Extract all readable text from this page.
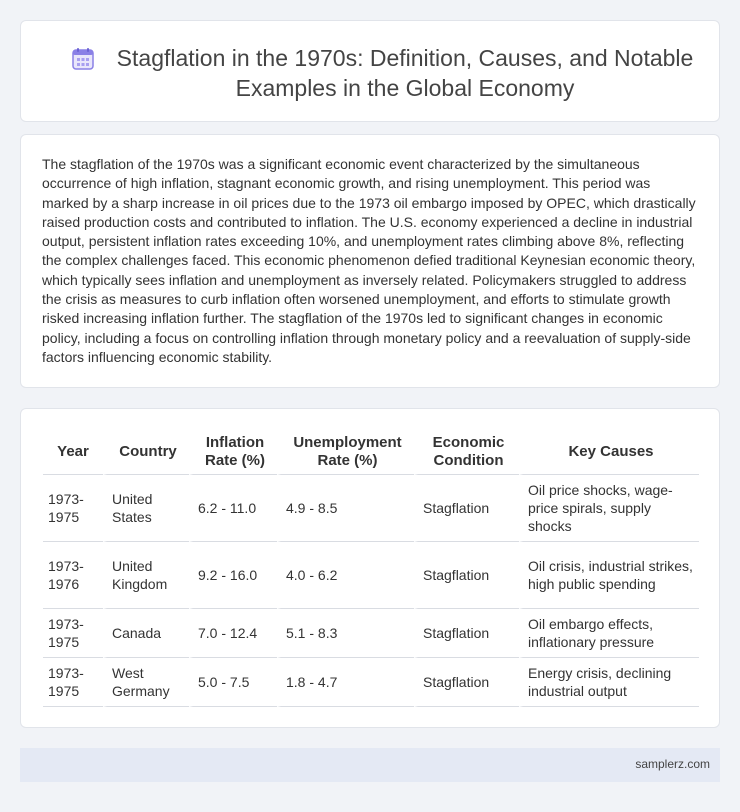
Stagflation in the 1970s: Definition, Causes, and Notable Examples in the Global Economy

The stagflation of the 1970s was a significant economic event characterized by the simultaneous occurrence of high inflation, stagnant economic growth, and rising unemployment. This period was marked by a sharp increase in oil prices due to the 1973 oil embargo imposed by OPEC, which drastically raised production costs and contributed to inflation. The U.S. economy experienced a decline in industrial output, persistent inflation rates exceeding 10%, and unemployment rates climbing above 8%, reflecting the complex challenges faced. This economic phenomenon defied traditional Keynesian economic theory, which typically sees inflation and unemployment as inversely related. Policymakers struggled to address the crisis as measures to curb inflation often worsened unemployment, and efforts to stimulate growth risked increasing inflation further. The stagflation of the 1970s led to significant changes in economic policy, including a focus on controlling inflation through monetary policy and a reevaluation of supply-side factors influencing economic stability.

Year	Country	Inflation Rate (%)	Unemployment Rate (%)	Economic Condition	Key Causes
1973-1975	United States	6.2 - 11.0	4.9 - 8.5	Stagflation	Oil price shocks, wage-price spirals, supply shocks
1973-1976	United Kingdom	9.2 - 16.0	4.0 - 6.2	Stagflation	Oil crisis, industrial strikes, high public spending
1973-1975	Canada	7.0 - 12.4	5.1 - 8.3	Stagflation	Oil embargo effects, inflationary pressure
1973-1975	West Germany	5.0 - 7.5	1.8 - 4.7	Stagflation	Energy crisis, declining industrial output
samplerz.com
